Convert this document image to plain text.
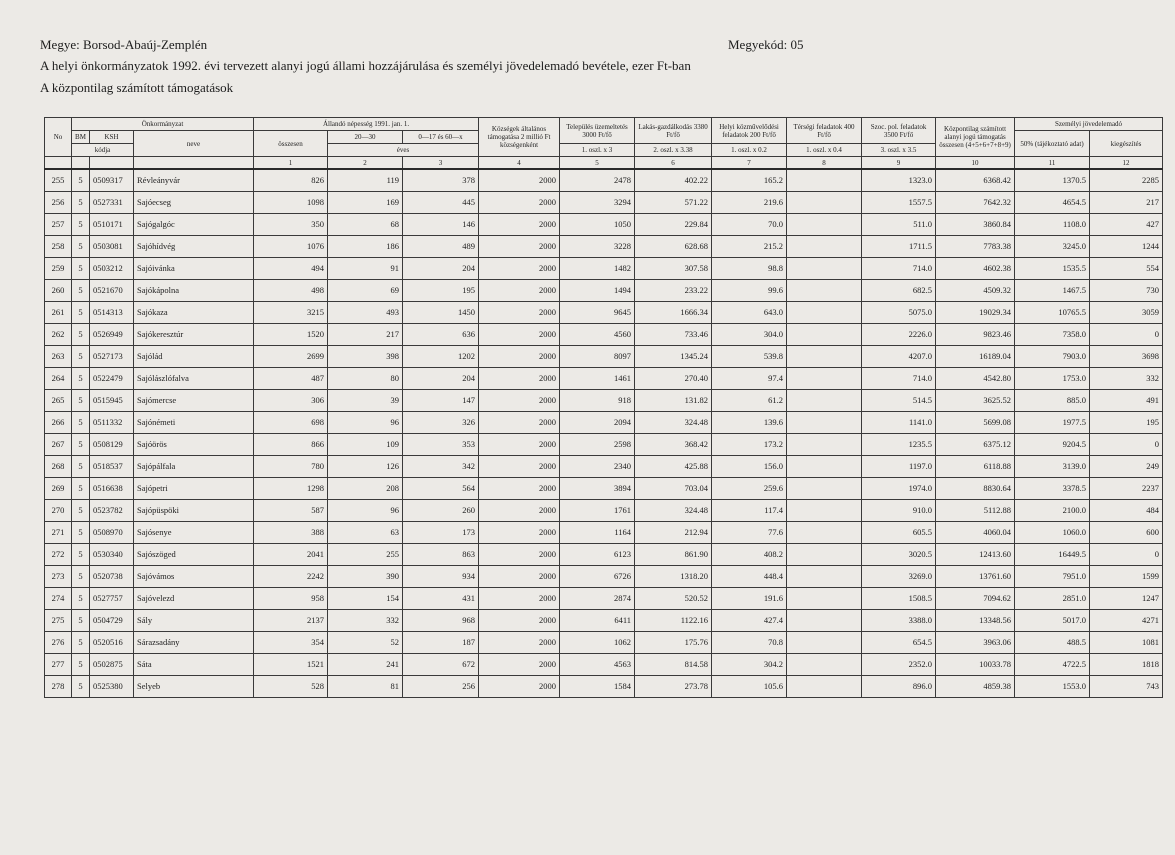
Megye: Borsod-Abaúj-Zemplén	Megyekód: 05
A helyi önkormányzatok 1992. évi tervezett alanyi jogú állami hozzájárulása és személyi jövedelemadó bevétele, ezer Ft-ban
A központilag számított támogatások
No	Önkormányzat			Állandó népesség 1991. jan. 1.			Községek általános támogatása 2 millió Ft községenként	Település üzemeltetés 3000 Ft/fő	Lakás-gazdálkodás 3380 Ft/fő	Helyi közművelődési feladatok 200 Ft/fő	Térségi feladatok 400 Ft/fő	Szoc. pol. feladatok 3500 Ft/fő	Központilag számított alanyi jogú támogatás összesen (4+5+6+7+8+9)	Személyi jövedelemadó	
	BM	KSH	neve	összesen	20—30	0—17 és 60—x								50% (tájékoztató adat)	kiegészítés
	kódja				éves			1. oszl. x 3	2. oszl. x 3.38	1. oszl. x 0.2	1. oszl. x 0.4	3. oszl. x 3.5			
				1	2	3	4	5	6	7	8	9	10	11	12
255	5	0509317	Révleányvár	826	119	378	2000	2478	402.22	165.2		1323.0	6368.42	1370.5	2285
256	5	0527331	Sajóecseg	1098	169	445	2000	3294	571.22	219.6		1557.5	7642.32	4654.5	217
257	5	0510171	Sajógalgóc	350	68	146	2000	1050	229.84	70.0		511.0	3860.84	1108.0	427
258	5	0503081	Sajóhídvég	1076	186	489	2000	3228	628.68	215.2		1711.5	7783.38	3245.0	1244
259	5	0503212	Sajóivánka	494	91	204	2000	1482	307.58	98.8		714.0	4602.38	1535.5	554
260	5	0521670	Sajókápolna	498	69	195	2000	1494	233.22	99.6		682.5	4509.32	1467.5	730
261	5	0514313	Sajókaza	3215	493	1450	2000	9645	1666.34	643.0		5075.0	19029.34	10765.5	3059
262	5	0526949	Sajókeresztúr	1520	217	636	2000	4560	733.46	304.0		2226.0	9823.46	7358.0	0
263	5	0527173	Sajólád	2699	398	1202	2000	8097	1345.24	539.8		4207.0	16189.04	7903.0	3698
264	5	0522479	Sajólászlófalva	487	80	204	2000	1461	270.40	97.4		714.0	4542.80	1753.0	332
265	5	0515945	Sajómercse	306	39	147	2000	918	131.82	61.2		514.5	3625.52	885.0	491
266	5	0511332	Sajónémeti	698	96	326	2000	2094	324.48	139.6		1141.0	5699.08	1977.5	195
267	5	0508129	Sajóörös	866	109	353	2000	2598	368.42	173.2		1235.5	6375.12	9204.5	0
268	5	0518537	Sajópálfala	780	126	342	2000	2340	425.88	156.0		1197.0	6118.88	3139.0	249
269	5	0516638	Sajópetri	1298	208	564	2000	3894	703.04	259.6		1974.0	8830.64	3378.5	2237
270	5	0523782	Sajópüspöki	587	96	260	2000	1761	324.48	117.4		910.0	5112.88	2100.0	484
271	5	0508970	Sajósenye	388	63	173	2000	1164	212.94	77.6		605.5	4060.04	1060.0	600
272	5	0530340	Sajószöged	2041	255	863	2000	6123	861.90	408.2		3020.5	12413.60	16449.5	0
273	5	0520738	Sajóvámos	2242	390	934	2000	6726	1318.20	448.4		3269.0	13761.60	7951.0	1599
274	5	0527757	Sajóvelezd	958	154	431	2000	2874	520.52	191.6		1508.5	7094.62	2851.0	1247
275	5	0504729	Sály	2137	332	968	2000	6411	1122.16	427.4		3388.0	13348.56	5017.0	4271
276	5	0520516	Sárazsadány	354	52	187	2000	1062	175.76	70.8		654.5	3963.06	488.5	1081
277	5	0502875	Sáta	1521	241	672	2000	4563	814.58	304.2		2352.0	10033.78	4722.5	1818
278	5	0525380	Selyeb	528	81	256	2000	1584	273.78	105.6		896.0	4859.38	1553.0	743
